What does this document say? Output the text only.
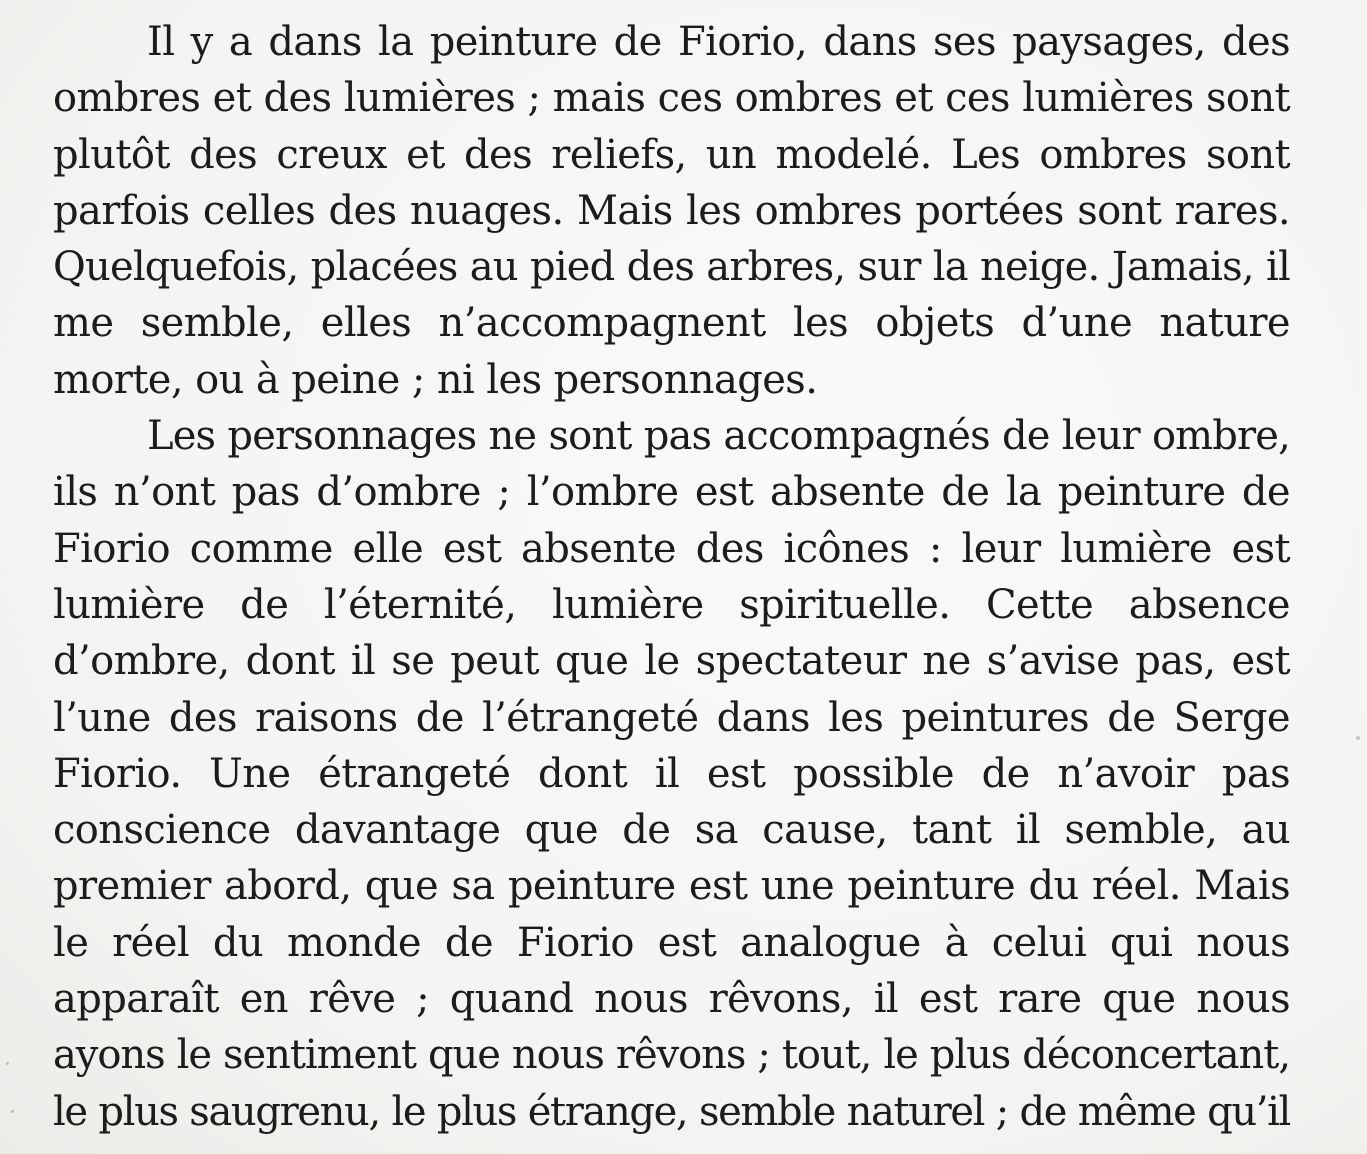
Il y a dans la peinture de Fiorio, dans ses paysages, des
ombres et des lumières ; mais ces ombres et ces lumières sont
plutôt des creux et des reliefs, un modelé. Les ombres sont
parfois celles des nuages. Mais les ombres portées sont rares.
Quelquefois, placées au pied des arbres, sur la neige. Jamais, il
me semble, elles n’accompagnent les objets d’une nature
morte, ou à peine ; ni les personnages.
Les personnages ne sont pas accompagnés de leur ombre,
ils n’ont pas d’ombre ; l’ombre est absente de la peinture de
Fiorio comme elle est absente des icônes : leur lumière est
lumière de l’éternité, lumière spirituelle. Cette absence
d’ombre, dont il se peut que le spectateur ne s’avise pas, est
l’une des raisons de l’étrangeté dans les peintures de Serge
Fiorio. Une étrangeté dont il est possible de n’avoir pas
conscience davantage que de sa cause, tant il semble, au
premier abord, que sa peinture est une peinture du réel. Mais
le réel du monde de Fiorio est analogue à celui qui nous
apparaît en rêve ; quand nous rêvons, il est rare que nous
ayons le sentiment que nous rêvons ; tout, le plus déconcertant,
le plus saugrenu, le plus étrange, semble naturel ; de même qu’il
